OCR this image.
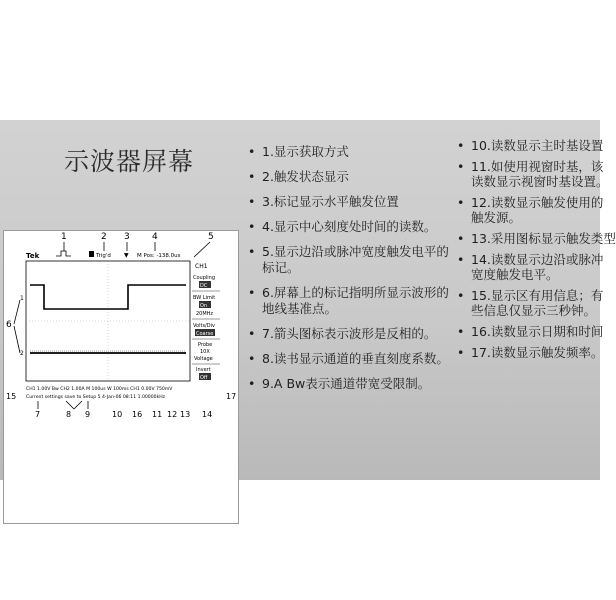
示波器屏幕	• 1.显示获取方式
• 2.触发状态显示
• 3.标记显示水平触发位置
• 4.显示中心刻度处时间的读数。
• 5.显示边沿或脉冲宽度触发电平的标记。
• 6.屏幕上的标记指明所显示波形的地线基准点。
• 7.箭头图标表示波形是反相的。
• 8.读书显示通道的垂直刻度系数。
• 9.A Bw表示通道带宽受限制。
• 10.读数显示主时基设置
• 11.如使用视窗时基，该读数显示视窗时基设置。
• 12.读数显示触发使用的触发源。
• 13.采用图标显示触发类型
• 14.读数显示边沿或脉冲宽度触发电平。
• 15.显示区有用信息；有些信息仅显示三秒钟。
• 16.读数显示日期和时间
• 17.读数显示触发频率。
1	2 3 4	5
Tek	Trig'd ▼ M Pos: -138.0us
1
2
6
CH1
Coupling
DC
BW Limit
On
20MHz
Volts/Div
Coarse
Probe
10X
Voltage
Invert
Off
CH1 1.00V Bw CH2 1.00A M 100us W 100ms CH1 0.00V 750mV
Current settings save to Setup 5 4-Jan-06 08:11 1.00000kHz
15	17
7	8 9	10 16 11 12 13 14
